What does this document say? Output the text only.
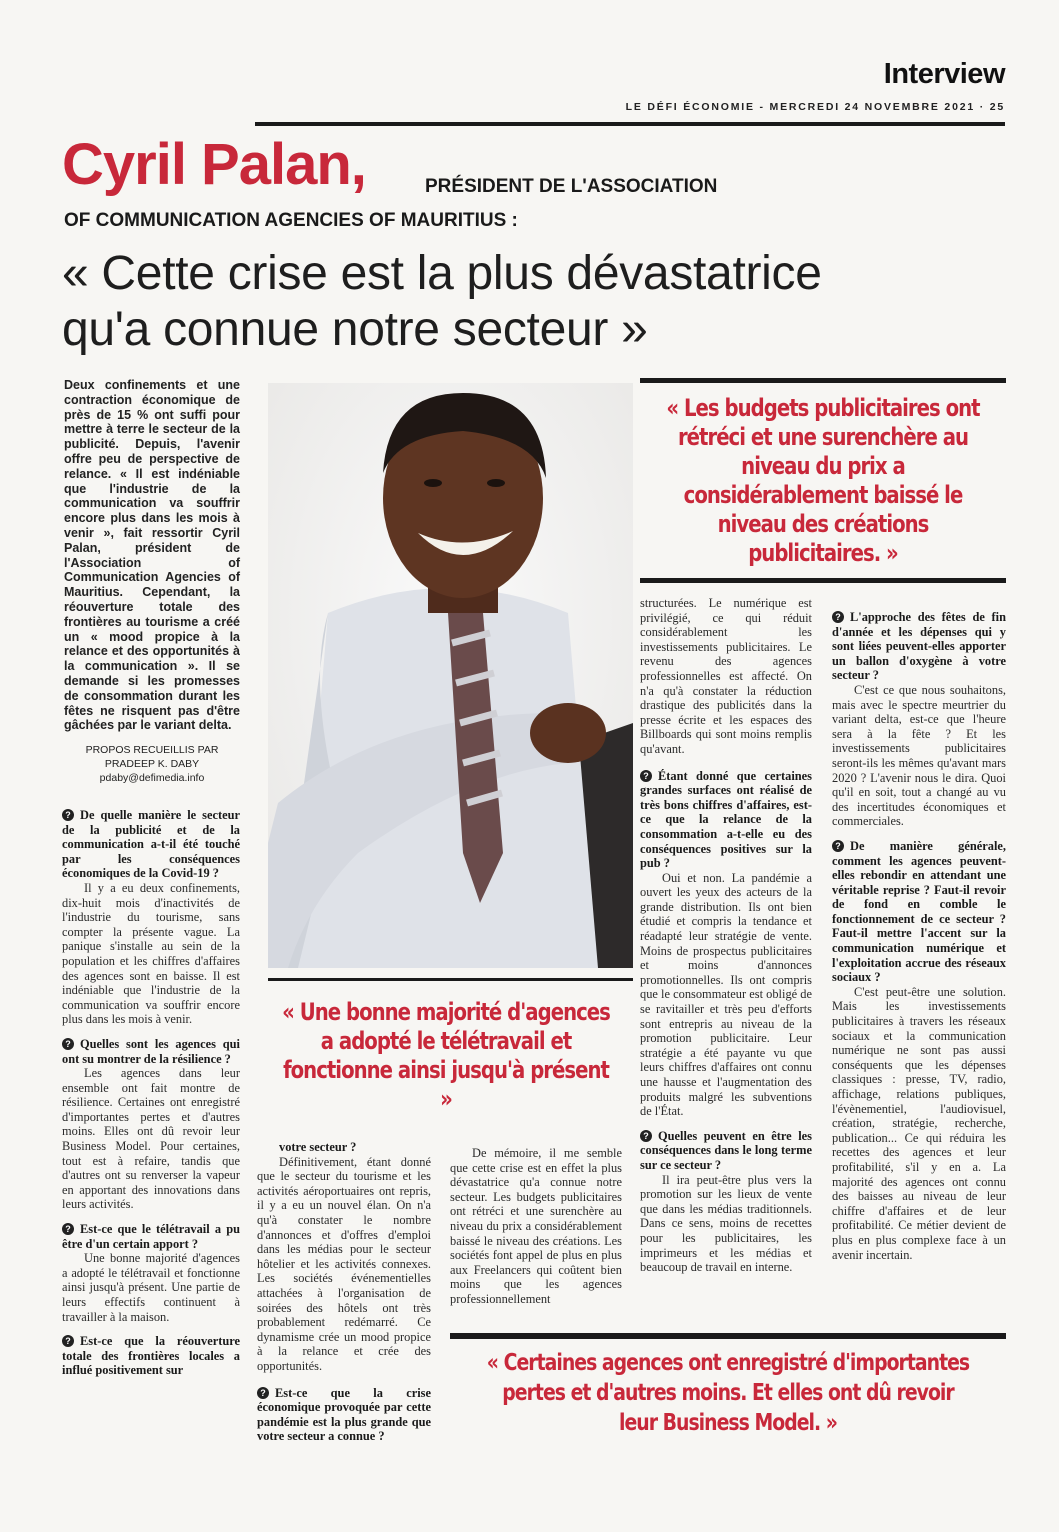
Interview
LE DÉFI ÉCONOMIE - MERCREDI 24 NOVEMBRE 2021 · 25
Cyril Palan,	PRÉSIDENT DE L'ASSOCIATION
OF COMMUNICATION AGENCIES OF MAURITIUS :
« Cette crise est la plus dévastatrice
qu'a connue notre secteur »
Deux confinements et une contraction économique de près de 15 % ont suffi pour mettre à terre le secteur de la publicité. Depuis, l'avenir offre peu de perspective de relance. « Il est indéniable que l'industrie de la communication va souffrir encore plus dans les mois à venir », fait ressortir Cyril Palan, président de l'Association of Communication Agencies of Mauritius. Cependant, la réouverture totale des frontières au tourisme a créé un « mood propice à la relance et des opportunités à la communication ». Il se demande si les promesses de consommation durant les fêtes ne risquent pas d'être gâchées par le variant delta.
PROPOS RECUEILLIS PAR
PRADEEP K. DABY
pdaby@defimedia.info
« Les budgets publicitaires ont rétréci et une surenchère au niveau du prix a considérablement baissé le niveau des créations publicitaires. »
« Une bonne majorité d'agences a adopté le télétravail et fonctionne ainsi jusqu'à présent »

? De quelle manière le secteur de la publicité et de la communication a-t-il été touché par les conséquences économiques de la Covid-19 ?

Il y a eu deux confinements, dix-huit mois d'inactivités de l'industrie du tourisme, sans compter la présente vague. La panique s'installe au sein de la population et les chiffres d'affaires des agences sont en baisse. Il est indéniable que l'industrie de la communication va souffrir encore plus dans les mois à venir.

? Quelles sont les agences qui ont su montrer de la résilience ?

Les agences dans leur ensemble ont fait montre de résilience. Certaines ont enregistré d'importantes pertes et d'autres moins. Elles ont dû revoir leur Business Model. Pour certaines, tout est à refaire, tandis que d'autres ont su renverser la vapeur en apportant des innovations dans leurs activités.

? Est-ce que le télétravail a pu être d'un certain apport ?

Une bonne majorité d'agences a adopté le télétravail et fonctionne ainsi jusqu'à présent. Une partie de leurs effectifs continuent à travailler à la maison.

? Est-ce que la réouverture totale des frontières locales a influé positivement sur

votre secteur ?

Définitivement, étant donné que le secteur du tourisme et les activités aéroportuaires ont repris, il y a eu un nouvel élan. On n'a qu'à constater le nombre d'annonces et d'offres d'emploi dans les médias pour le secteur hôtelier et les activités connexes. Les sociétés événementielles attachées à l'organisation de soirées des hôtels ont très probablement redémarré. Ce dynamisme crée un mood propice à la relance et crée des opportunités.

? Est-ce que la crise économique provoquée par cette pandémie est la plus grande que votre secteur a connue ?

De mémoire, il me semble que cette crise est en effet la plus dévastatrice qu'a connue notre secteur. Les budgets publicitaires ont rétréci et une surenchère au niveau du prix a considérablement baissé le niveau des créations. Les sociétés font appel de plus en plus aux Freelancers qui coûtent bien moins que les agences professionnellement

structurées. Le numérique est privilégié, ce qui réduit considérablement les investissements publicitaires. Le revenu des agences professionnelles est affecté. On n'a qu'à constater la réduction drastique des publicités dans la presse écrite et les espaces des Billboards qui sont moins remplis qu'avant.

? Étant donné que certaines grandes surfaces ont réalisé de très bons chiffres d'affaires, est-ce que la relance de la consommation a-t-elle eu des conséquences positives sur la pub ?

Oui et non. La pandémie a ouvert les yeux des acteurs de la grande distribution. Ils ont bien étudié et compris la tendance et réadapté leur stratégie de vente. Moins de prospectus publicitaires et moins d'annonces promotionnelles. Ils ont compris que le consommateur est obligé de se ravitailler et très peu d'efforts sont entrepris au niveau de la promotion publicitaire. Leur stratégie a été payante vu que leurs chiffres d'affaires ont connu une hausse et l'augmentation des produits malgré les subventions de l'État.

? Quelles peuvent en être les conséquences dans le long terme sur ce secteur ?

Il ira peut-être plus vers la promotion sur les lieux de vente que dans les médias traditionnels. Dans ce sens, moins de recettes pour les publicitaires, les imprimeurs et les médias et beaucoup de travail en interne.

? L'approche des fêtes de fin d'année et les dépenses qui y sont liées peuvent-elles apporter un ballon d'oxygène à votre secteur ?

C'est ce que nous souhaitons, mais avec le spectre meurtrier du variant delta, est-ce que l'heure sera à la fête ? Et les investissements publicitaires seront-ils les mêmes qu'avant mars 2020 ? L'avenir nous le dira. Quoi qu'il en soit, tout a changé au vu des incertitudes économiques et commerciales.

? De manière générale, comment les agences peuvent-elles rebondir en attendant une véritable reprise ? Faut-il revoir de fond en comble le fonctionnement de ce secteur ? Faut-il mettre l'accent sur la communication numérique et l'exploitation accrue des réseaux sociaux ?

C'est peut-être une solution. Mais les investissements publicitaires à travers les réseaux sociaux et la communication numérique ne sont pas aussi conséquents que les dépenses classiques : presse, TV, radio, affichage, relations publiques, l'évènementiel, l'audiovisuel, création, stratégie, recherche, publication... Ce qui réduira les recettes des agences et leur profitabilité, s'il y en a. La majorité des agences ont connu des baisses au niveau de leur chiffre d'affaires et de leur profitabilité. Ce métier devient de plus en plus complexe face à un avenir incertain.

« Certaines agences ont enregistré d'importantes pertes et d'autres moins. Et elles ont dû revoir leur Business Model. »
